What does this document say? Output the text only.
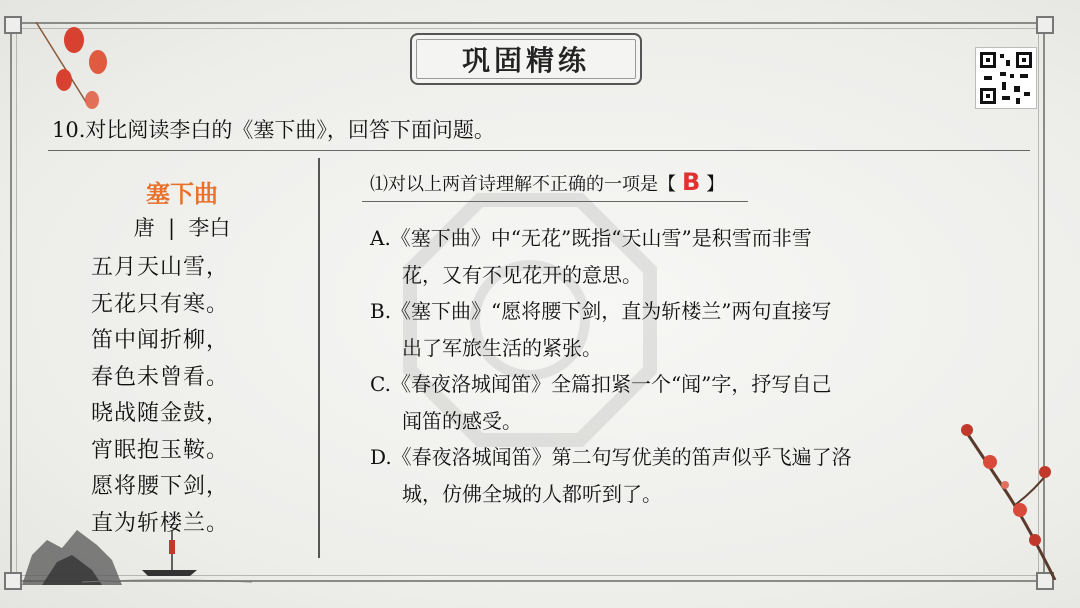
巩固精练
10.对比阅读李白的《塞下曲》，回答下面问题。
塞下曲
唐  |  李白
五月天山雪，
无花只有寒。
笛中闻折柳，
春色未曾看。
晓战随金鼓，
宵眠抱玉鞍。
愿将腰下剑，
直为斩楼兰。
⑴对以上两首诗理解不正确的一项是【 B 】
A.《塞下曲》中“无花”既指“天山雪”是积雪而非雪
花，又有不见花开的意思。
B.《塞下曲》“愿将腰下剑，直为斩楼兰”两句直接写
出了军旅生活的紧张。
C.《春夜洛城闻笛》全篇扣紧一个“闻”字，抒写自己
闻笛的感受。
D.《春夜洛城闻笛》第二句写优美的笛声似乎飞遍了洛
城，仿佛全城的人都听到了。
